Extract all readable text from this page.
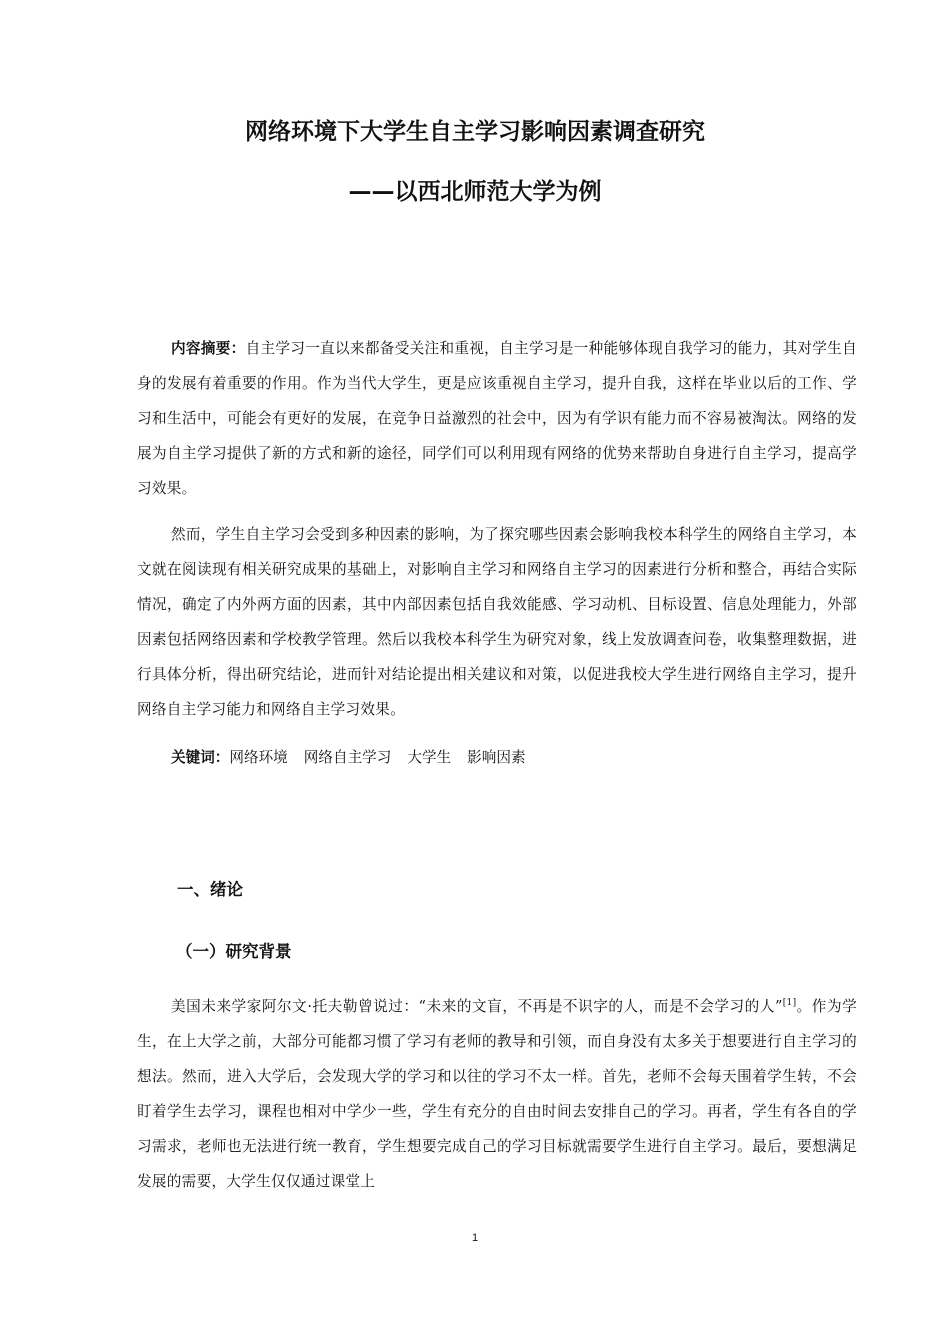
网络环境下大学生自主学习影响因素调查研究
——以西北师范大学为例

内容摘要：自主学习一直以来都备受关注和重视，自主学习是一种能够体现自我学习的能力，其对学生自身的发展有着重要的作用。作为当代大学生，更是应该重视自主学习，提升自我，这样在毕业以后的工作、学习和生活中，可能会有更好的发展，在竞争日益激烈的社会中，因为有学识有能力而不容易被淘汰。网络的发展为自主学习提供了新的方式和新的途径，同学们可以利用现有网络的优势来帮助自身进行自主学习，提高学习效果。

然而，学生自主学习会受到多种因素的影响，为了探究哪些因素会影响我校本科学生的网络自主学习，本文就在阅读现有相关研究成果的基础上，对影响自主学习和网络自主学习的因素进行分析和整合，再结合实际情况，确定了内外两方面的因素，其中内部因素包括自我效能感、学习动机、目标设置、信息处理能力，外部因素包括网络因素和学校教学管理。然后以我校本科学生为研究对象，线上发放调查问卷，收集整理数据，进行具体分析，得出研究结论，进而针对结论提出相关建议和对策，以促进我校大学生进行网络自主学习，提升网络自主学习能力和网络自主学习效果。

关键词：网络环境 网络自主学习 大学生 影响因素

一、绪论
（一）研究背景

美国未来学家阿尔文·托夫勒曾说过：“未来的文盲，不再是不识字的人，而是不会学习的人”[1]。作为学生，在上大学之前，大部分可能都习惯了学习有老师的教导和引领，而自身没有太多关于想要进行自主学习的想法。然而，进入大学后，会发现大学的学习和以往的学习不太一样。首先，老师不会每天围着学生转，不会盯着学生去学习，课程也相对中学少一些，学生有充分的自由时间去安排自己的学习。再者，学生有各自的学习需求，老师也无法进行统一教育，学生想要完成自己的学习目标就需要学生进行自主学习。最后，要想满足发展的需要，大学生仅仅通过课堂上

1
